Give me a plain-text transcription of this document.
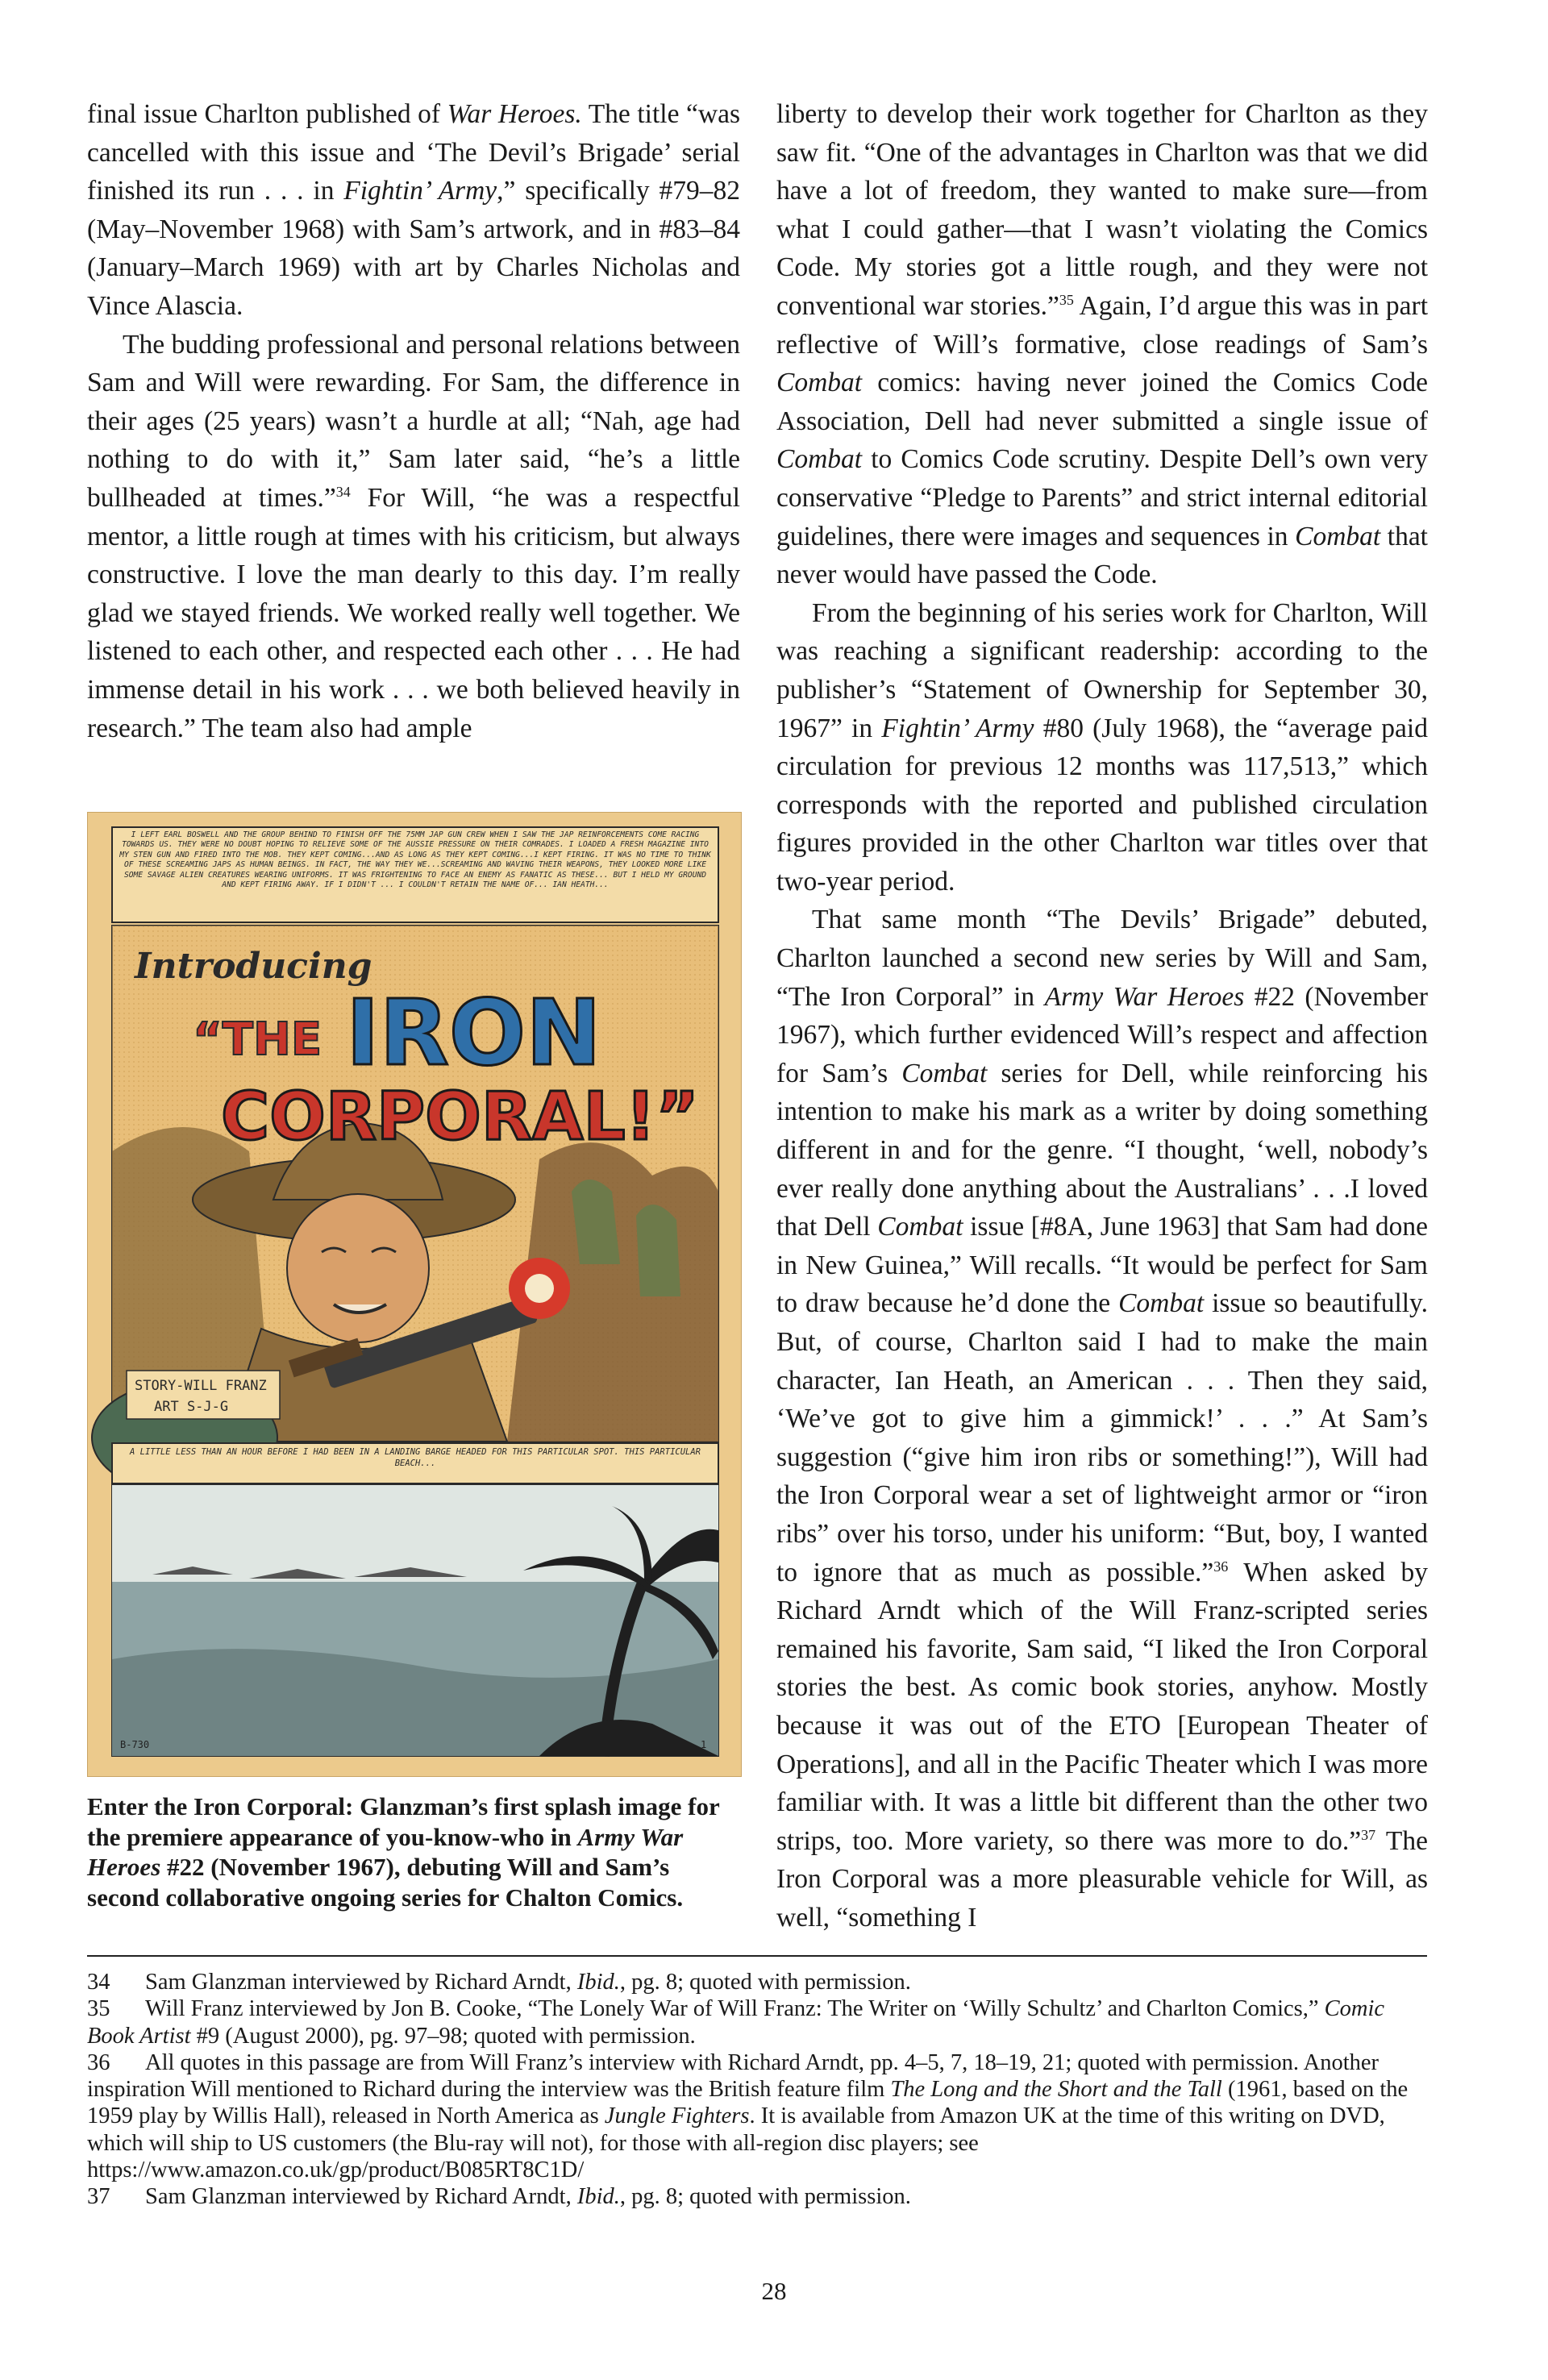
final issue Charlton published of War Heroes. The title “was cancelled with this issue and ‘The Devil’s Brigade’ serial finished its run . . . in Fightin’ Army,” specifically #79–82 (May–November 1968) with Sam’s artwork, and in #83–84 (January–March 1969) with art by Charles Nicholas and Vince Alascia.

The budding professional and personal relations between Sam and Will were rewarding. For Sam, the difference in their ages (25 years) wasn’t a hurdle at all; “Nah, age had nothing to do with it,” Sam later said, “he’s a little bullheaded at times.”$^{34}$ For Will, “he was a respectful mentor, a little rough at times with his criticism, but always constructive. I love the man dearly to this day. I’m really glad we stayed friends. We worked really well together. We listened to each other, and respected each other . . . He had immense detail in his work . . . we both believed heavily in research.” The team also had ample

I LEFT EARL BOSWELL AND THE GROUP BEHIND TO FINISH OFF THE 75MM JAP GUN CREW WHEN I SAW THE JAP REINFORCEMENTS COME RACING TOWARDS US. THEY WERE NO DOUBT HOPING TO RELIEVE SOME OF THE AUSSIE PRESSURE ON THEIR COMRADES. I LOADED A FRESH MAGAZINE INTO MY STEN GUN AND FIRED INTO THE MOB. THEY KEPT COMING...AND AS LONG AS THEY KEPT COMING...I KEPT FIRING. IT WAS NO TIME TO THINK OF THESE SCREAMING JAPS AS HUMAN BEINGS. IN FACT, THE WAY THEY WE...SCREAMING AND WAVING THEIR WEAPONS, THEY LOOKED MORE LIKE SOME SAVAGE ALIEN CREATURES WEARING UNIFORMS. IT WAS FRIGHTENING TO FACE AN ENEMY AS FANATIC AS THESE... BUT I HELD MY GROUND AND KEPT FIRING AWAY. IF I DIDN'T ... I COULDN'T RETAIN THE NAME OF... IAN HEATH...
Introducing
“THE IRON
CORPORAL!”
STORY-WILL FRANZ
ART S-J-G
A LITTLE LESS THAN AN HOUR BEFORE I HAD BEEN IN A LANDING BARGE HEADED FOR THIS PARTICULAR SPOT. THIS PARTICULAR BEACH...
B-730	1
Enter the Iron Corporal: Glanzman’s first splash image for the premiere appearance of you-know-who in Army War Heroes #22 (November 1967), debuting Will and Sam’s second collaborative ongoing series for Chalton Comics.

liberty to develop their work together for Charlton as they saw fit. “One of the advantages in Charlton was that we did have a lot of freedom, they wanted to make sure—from what I could gather—that I wasn’t violating the Comics Code. My stories got a little rough, and they were not conventional war stories.”$^{35}$ Again, I’d argue this was in part reflective of Will’s formative, close readings of Sam’s Combat comics: having never joined the Comics Code Association, Dell had never submitted a single issue of Combat to Comics Code scrutiny. Despite Dell’s own very conservative “Pledge to Parents” and strict internal editorial guidelines, there were images and sequences in Combat that never would have passed the Code.

From the beginning of his series work for Charlton, Will was reaching a significant readership: according to the publisher’s “Statement of Ownership for September 30, 1967” in Fightin’ Army #80 (July 1968), the “average paid circulation for previous 12 months was 117,513,” which corresponds with the reported and published circulation figures provided in the other Charlton war titles over that two-year period.

That same month “The Devils’ Brigade” debuted, Charlton launched a second new series by Will and Sam, “The Iron Corporal” in Army War Heroes #22 (November 1967), which further evidenced Will’s respect and affection for Sam’s Combat series for Dell, while reinforcing his intention to make his mark as a writer by doing something different in and for the genre. “I thought, ‘well, nobody’s ever really done anything about the Australians’ . . .I loved that Dell Combat issue [#8A, June 1963] that Sam had done in New Guinea,” Will recalls. “It would be perfect for Sam to draw because he’d done the Combat issue so beautifully. But, of course, Charlton said I had to make the main character, Ian Heath, an American . . . Then they said, ‘We’ve got to give him a gimmick!’ . . .” At Sam’s suggestion (“give him iron ribs or something!”), Will had the Iron Corporal wear a set of lightweight armor or “iron ribs” over his torso, under his uniform: “But, boy, I wanted to ignore that as much as possible.”$^{36}$ When asked by Richard Arndt which of the Will Franz-scripted series remained his favorite, Sam said, “I liked the Iron Corporal stories the best. As comic book stories, anyhow. Mostly because it was out of the ETO [European Theater of Operations], and all in the Pacific Theater which I was more familiar with. It was a little bit different than the other two strips, too. More variety, so there was more to do.”$^{37}$ The Iron Corporal was a more pleasurable vehicle for Will, as well, “something I

34 Sam Glanzman interviewed by Richard Arndt, Ibid., pg. 8; quoted with permission.

35 Will Franz interviewed by Jon B. Cooke, “The Lonely War of Will Franz: The Writer on ‘Willy Schultz’ and Charlton Comics,” Comic Book Artist #9 (August 2000), pg. 97–98; quoted with permission.

36 All quotes in this passage are from Will Franz’s interview with Richard Arndt, pp. 4–5, 7, 18–19, 21; quoted with permission. Another inspiration Will mentioned to Richard during the interview was the British feature film The Long and the Short and the Tall (1961, based on the 1959 play by Willis Hall), released in North America as Jungle Fighters. It is available from Amazon UK at the time of this writing on DVD, which will ship to US customers (the Blu-ray will not), for those with all-region disc players; see https://www.amazon.co.uk/gp/product/B085RT8C1D/

37 Sam Glanzman interviewed by Richard Arndt, Ibid., pg. 8; quoted with permission.

28
